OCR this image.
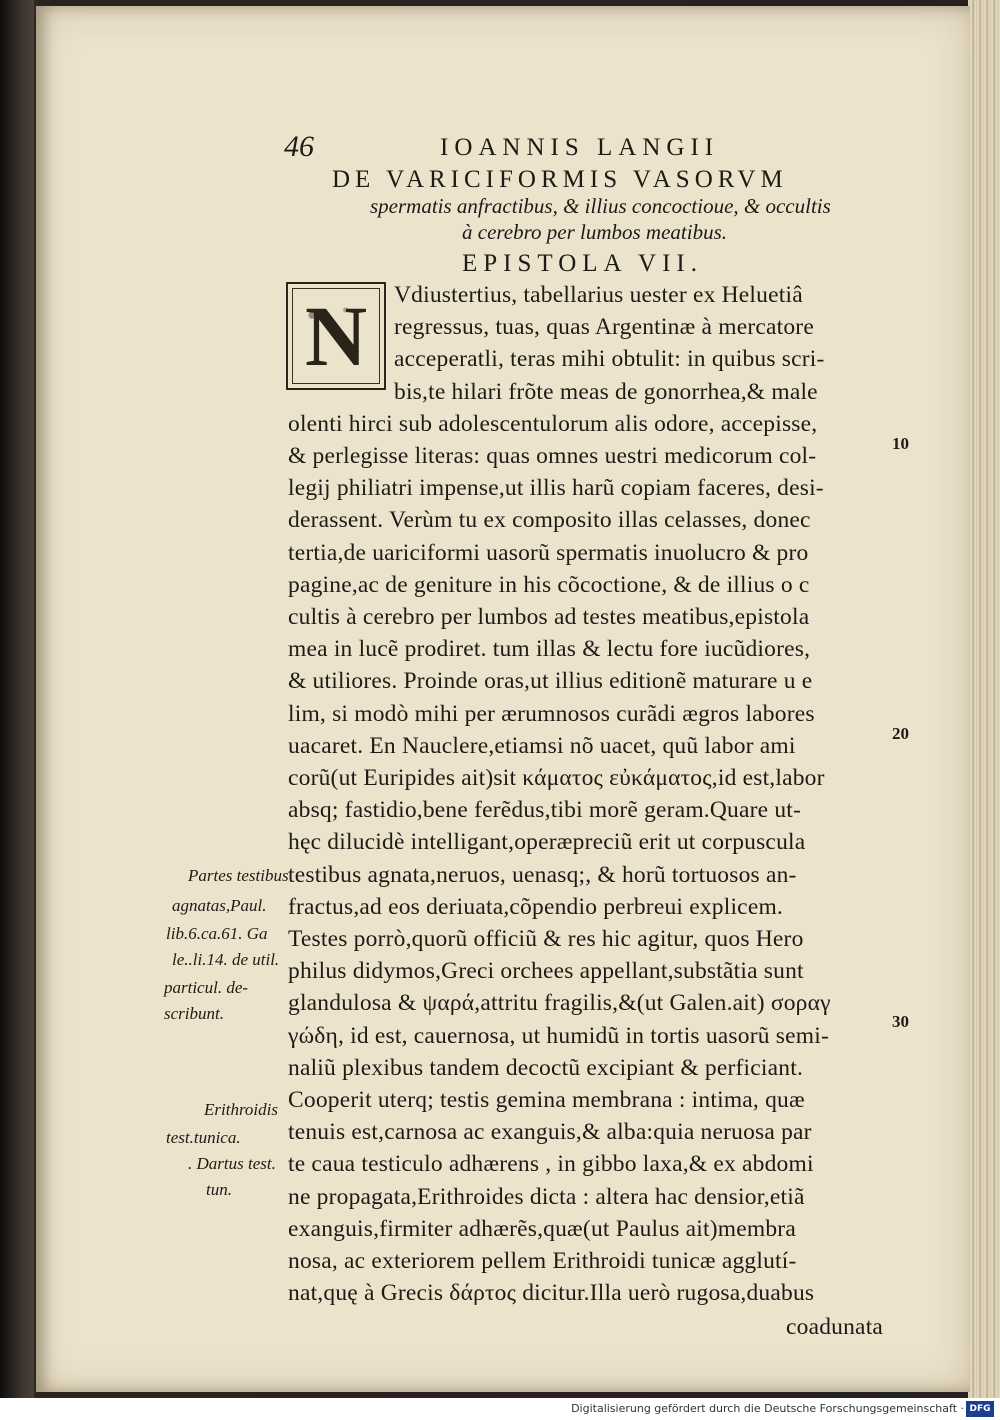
46	IOANNIS LANGII
DE VARICIFORMIS VASORVM
spermatis anfractibus, & illius concoctioue, & occultis
à cerebro per lumbos meatibus.
EPISTOLA VII.
N Vdiustertius, tabellarius uester ex Heluetiâ
regressus, tuas, quas Argentinæ à mercatore
acceperatli, teras mihi obtulit: in quibus scri-
bis,te hilari frõte meas de gonorrhea,& male
olenti hirci sub adolescentulorum alis odore, accepisse,
& perlegisse literas: quas omnes uestri medicorum col-
legij philiatri impense,ut illis harũ copiam faceres, desi-
derassent. Verùm tu ex composito illas celasses, donec
tertia,de uariciformi uasorũ spermatis inuolucro & pro
pagine,ac de geniture in his cõcoctione, & de illius o c
cultis à cerebro per lumbos ad testes meatibus,epistola
mea in lucẽ prodiret. tum illas & lectu fore iucũdiores,
& utiliores. Proinde oras,ut illius editionẽ maturare u e
lim, si modò mihi per ærumnosos curãdi ægros labores
uacaret. En Nauclere,etiamsi nõ uacet, quũ labor ami
corũ(ut Euripides ait)sit κάματος εὐκάματος,id est,labor
absq; fastidio,bene ferẽdus,tibi morẽ geram.Quare ut-
hęc dilucidè intelligant,operæpreciũ erit ut corpuscula
testibus agnata,neruos, uenasq;, & horũ tortuosos an-
fractus,ad eos deriuata,cõpendio perbreui explicem.
Testes porrò,quorũ officiũ & res hic agitur, quos Hero
philus didymos,Greci orchees appellant,substãtia sunt
glandulosa & ψαρά,attritu fragilis,&(ut Galen.ait) σοραγ
γώδη, id est, cauernosa, ut humidũ in tortis uasorũ semi-
naliũ plexibus tandem decoctũ excipiant & perficiant.
Cooperit uterq; testis gemina membrana : intima, quæ
tenuis est,carnosa ac exanguis,& alba:quia neruosa par
te caua testiculo adhærens , in gibbo laxa,& ex abdomi
ne propagata,Erithroides dicta : altera hac densior,etiã
exanguis,firmiter adhærẽs,quæ(ut Paulus ait)membra
nosa, ac exteriorem pellem Erithroidi tunicæ agglutí-
nat,quę à Grecis δάρτος dicitur.Illa uerò rugosa,duabus
Partes testibus
agnatas,Paul.
lib.6.ca.61. Ga
le..li.14. de util.
particul. de-
scribunt.
Erithroidis
test.tunica.
. Dartus test.
tun.
10
20
30
coadunata
Digitalisierung gefördert durch die Deutsche Forschungsgemeinschaft · DFG
